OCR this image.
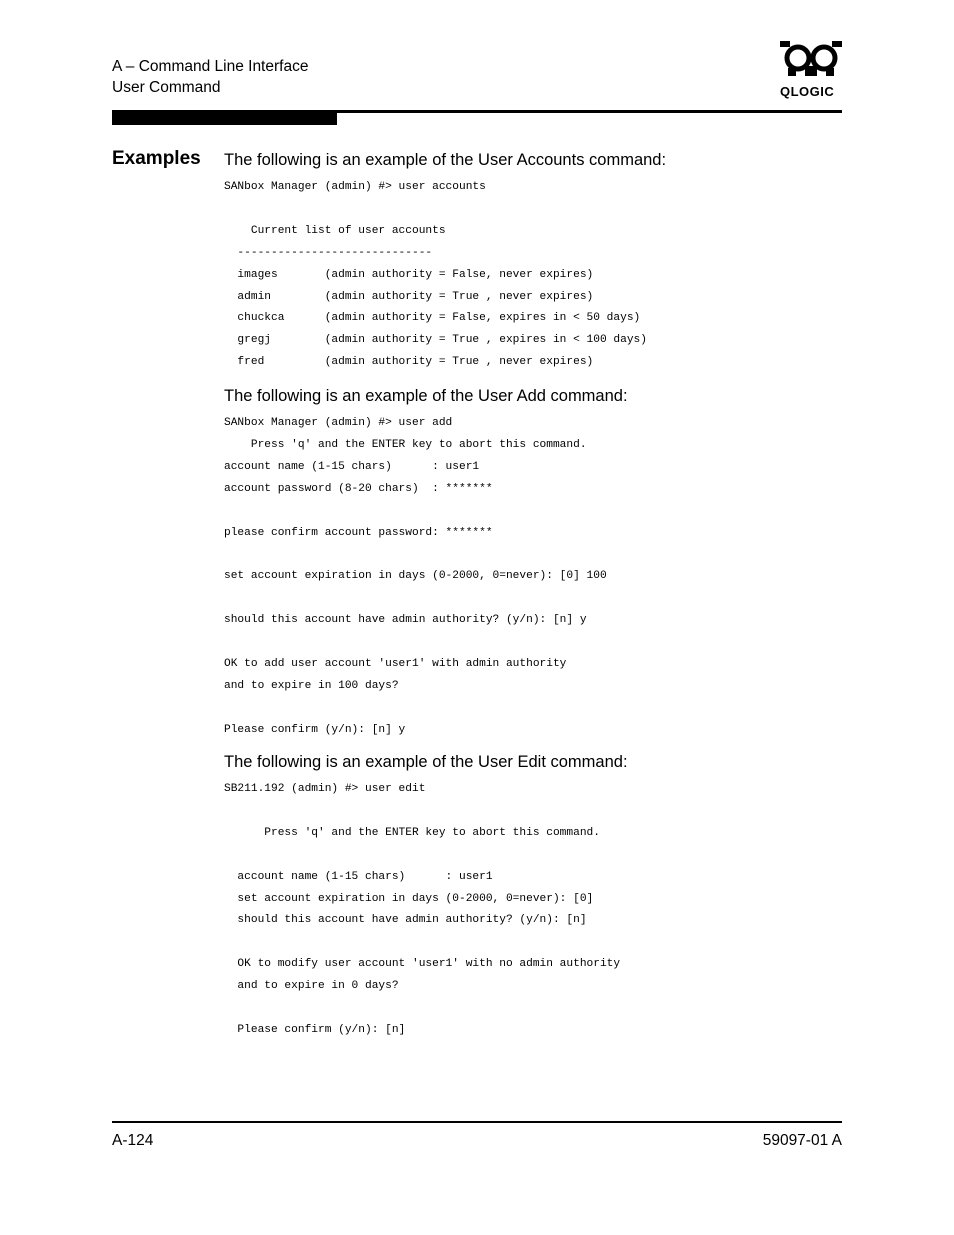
A – Command Line Interface
User Command	QLOGIC
Examples The following is an example of the User Accounts command:
SANbox Manager (admin) #> user accounts

Current list of user accounts
-----------------------------
images       (admin authority = False, never expires)
admin        (admin authority = True , never expires)
chuckca      (admin authority = False, expires in < 50 days)
gregj        (admin authority = True , expires in < 100 days)
fred         (admin authority = True , never expires)
The following is an example of the User Add command:
SANbox Manager (admin) #> user add
Press 'q' and the ENTER key to abort this command.
account name (1-15 chars)      : user1
account password (8-20 chars)  : *******

please confirm account password: *******

set account expiration in days (0-2000, 0=never): [0] 100

should this account have admin authority? (y/n): [n] y

OK to add user account 'user1' with admin authority
and to expire in 100 days?

Please confirm (y/n): [n] y
The following is an example of the User Edit command:
SB211.192 (admin) #> user edit

Press 'q' and the ENTER key to abort this command.

account name (1-15 chars)      : user1
set account expiration in days (0-2000, 0=never): [0]
should this account have admin authority? (y/n): [n]

OK to modify user account 'user1' with no admin authority
and to expire in 0 days?

Please confirm (y/n): [n]
A-124	59097-01 A
